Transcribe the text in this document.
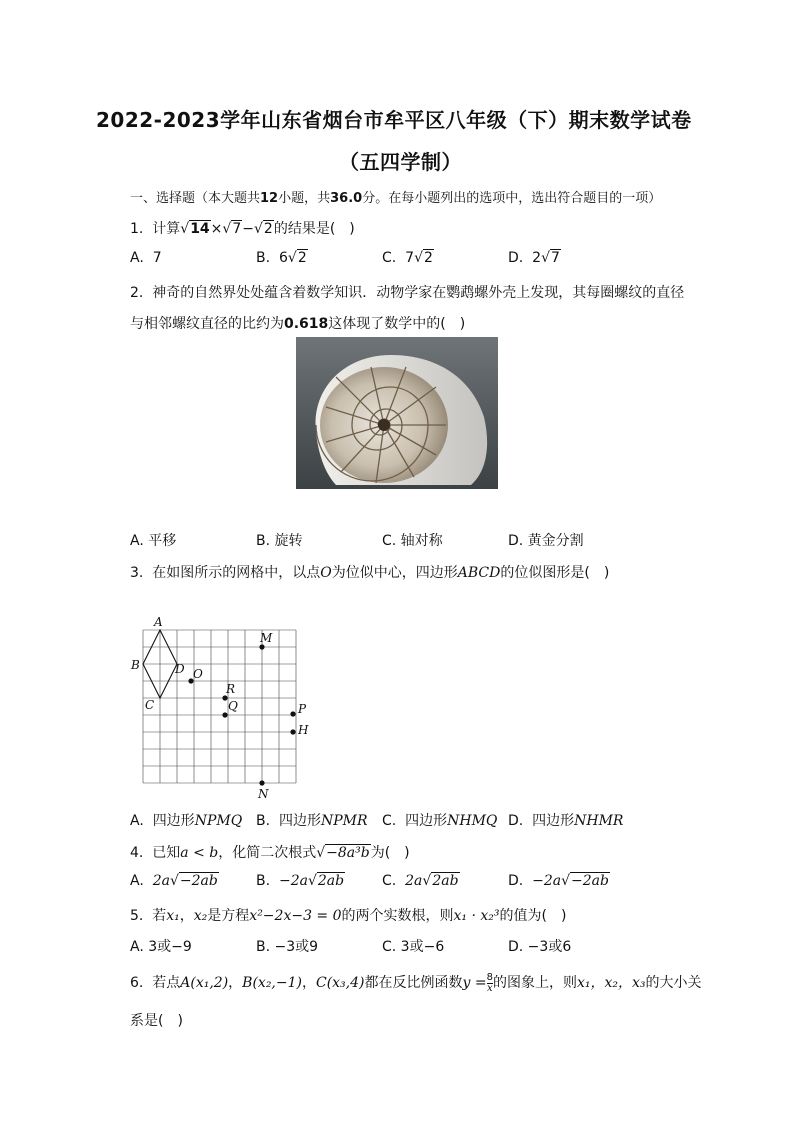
2022-2023学年山东省烟台市牟平区八年级（下）期末数学试卷
（五四学制）
一、选择题（本大题共12小题，共36.0分。在每小题列出的选项中，选出符合题目的一项）
1. 计算√14×√7−√2的结果是(　)
A. 7	B. 6√2	C. 7√2	D. 2√7
2. 神奇的自然界处处蕴含着数学知识．动物学家在鹦鹉螺外壳上发现，其每圈螺纹的直径
与相邻螺纹直径的比约为0.618这体现了数学中的(　)
A. 平移	B. 旋转	C. 轴对称	D. 黄金分割
3. 在如图所示的网格中，以点O为位似中心，四边形ABCD的位似图形是(　)
A
B
C
D O
M
R
Q	P
H
N
A. 四边形NPMQ B. 四边形NPMR C. 四边形NHMQ D. 四边形NHMR
4. 已知a < b，化简二次根式√−8a³b为(　)
A. 2a√−2ab	B. −2a√2ab	C. 2a√2ab	D. −2a√−2ab
5. 若x₁，x₂是方程x²−2x−3 = 0的两个实数根，则x₁ · x₂³的值为(　)
A. 3或−9	B. −3或9	C. 3或−6	D. −3或6
6. 若点A(x₁,2)，B(x₂,−1)，C(x₃,4)都在反比例函数$y = \frac{8}{x}$ 的图象上，则x₁，x₂，x₃的大小关
系是(　)
